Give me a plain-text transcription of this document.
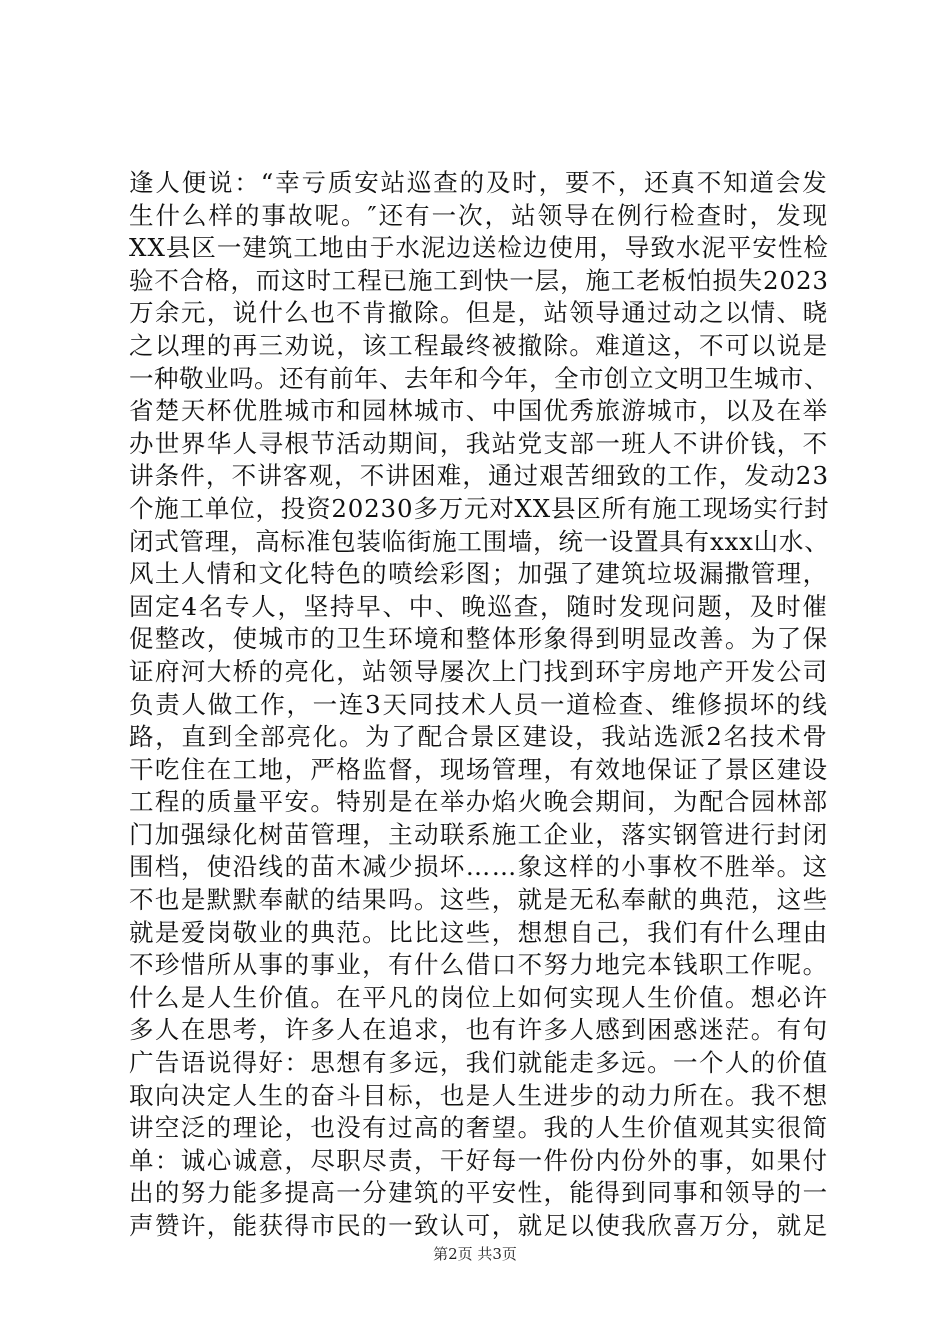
逢人便说：“幸亏质安站巡查的及时，要不，还真不知道会发
生什么样的事故呢。″还有一次，站领导在例行检查时，发现
XX县区一建筑工地由于水泥边送检边使用，导致水泥平安性检
验不合格，而这时工程已施工到快一层，施工老板怕损失2023
万余元，说什么也不肯撤除。但是，站领导通过动之以情、晓
之以理的再三劝说，该工程最终被撤除。难道这，不可以说是
一种敬业吗。还有前年、去年和今年，全市创立文明卫生城市、
省楚天杯优胜城市和园林城市、中国优秀旅游城市，以及在举
办世界华人寻根节活动期间，我站党支部一班人不讲价钱，不
讲条件，不讲客观，不讲困难，通过艰苦细致的工作，发动23
个施工单位，投资20230多万元对XX县区所有施工现场实行封
闭式管理，高标准包装临街施工围墙，统一设置具有xxx山水、
风土人情和文化特色的喷绘彩图；加强了建筑垃圾漏撒管理，
固定4名专人，坚持早、中、晚巡查，随时发现问题，及时催
促整改，使城市的卫生环境和整体形象得到明显改善。为了保
证府河大桥的亮化，站领导屡次上门找到环宇房地产开发公司
负责人做工作，一连3天同技术人员一道检查、维修损坏的线
路，直到全部亮化。为了配合景区建设，我站选派2名技术骨
干吃住在工地，严格监督，现场管理，有效地保证了景区建设
工程的质量平安。特别是在举办焰火晚会期间，为配合园林部
门加强绿化树苗管理，主动联系施工企业，落实钢管进行封闭
围档，使沿线的苗木减少损坏……象这样的小事枚不胜举。这
不也是默默奉献的结果吗。这些，就是无私奉献的典范，这些
就是爱岗敬业的典范。比比这些，想想自己，我们有什么理由
不珍惜所从事的事业，有什么借口不努力地完本钱职工作呢。
什么是人生价值。在平凡的岗位上如何实现人生价值。想必许
多人在思考，许多人在追求，也有许多人感到困惑迷茫。有句
广告语说得好：思想有多远，我们就能走多远。一个人的价值
取向决定人生的奋斗目标，也是人生进步的动力所在。我不想
讲空泛的理论，也没有过高的奢望。我的人生价值观其实很简
单：诚心诚意，尽职尽责，干好每一件份内份外的事，如果付
出的努力能多提高一分建筑的平安性，能得到同事和领导的一
声赞许，能获得市民的一致认可，就足以使我欣喜万分，就足
第2页 共3页
